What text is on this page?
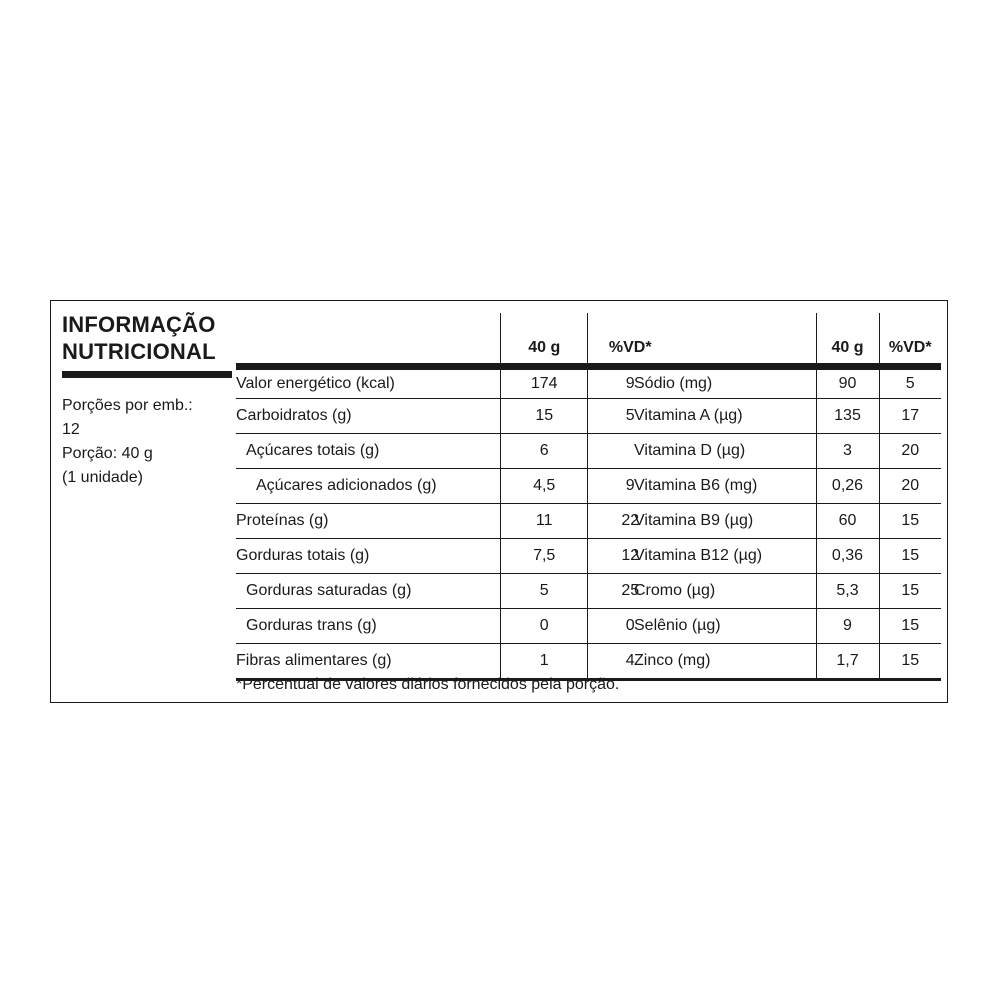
INFORMAÇÃO
NUTRICIONAL
Porções por emb.:
12
Porção: 40 g
(1 unidade)
	40 g	%VD*
Valor energético (kcal)	174	9
Carboidratos (g)	15	5
Açúcares totais (g)	6	
Açúcares adicionados (g)	4,5	9
Proteínas (g)	11	22
Gorduras totais (g)	7,5	12
Gorduras saturadas (g)	5	25
Gorduras trans (g)	0	0
Fibras alimentares (g)	1	4
	40 g	%VD*
Sódio (mg)	90	5
Vitamina A (µg)	135	17
Vitamina D (µg)	3	20
Vitamina B6 (mg)	0,26	20
Vitamina B9 (µg)	60	15
Vitamina B12 (µg)	0,36	15
Cromo (µg)	5,3	15
Selênio (µg)	9	15
Zinco (mg)	1,7	15
*Percentual de valores diários fornecidos pela porção.
